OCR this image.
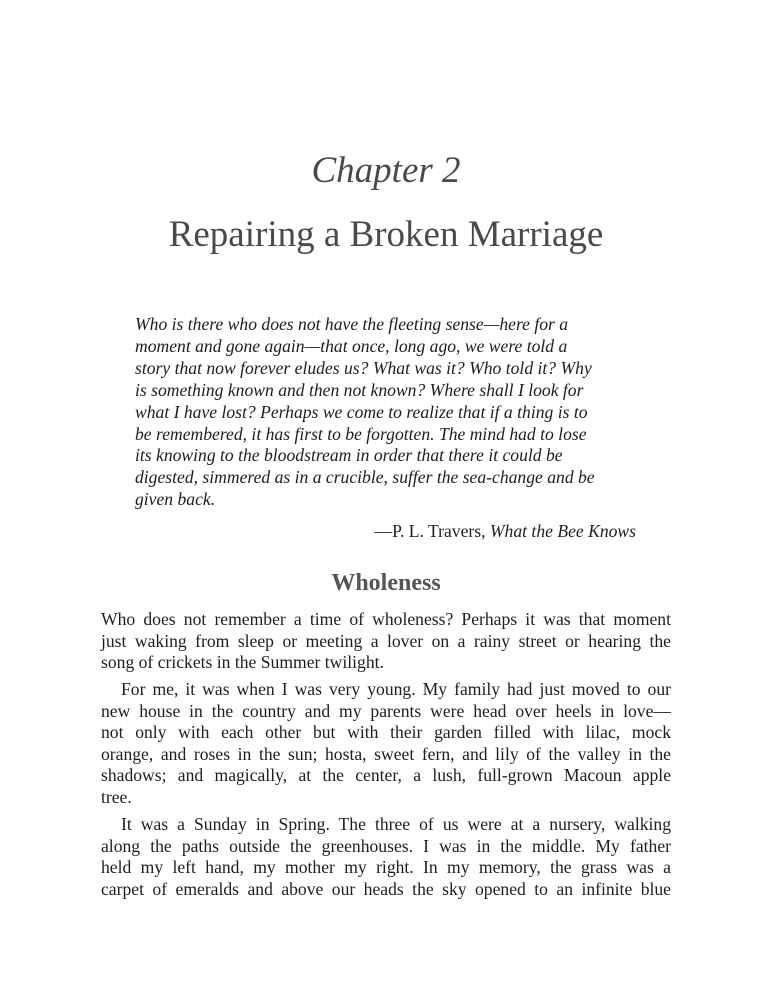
Chapter 2
Repairing a Broken Marriage
Who is there who does not have the fleeting sense—here for a
moment and gone again—that once, long ago, we were told a
story that now forever eludes us? What was it? Who told it? Why
is something known and then not known? Where shall I look for
what I have lost? Perhaps we come to realize that if a thing is to
be remembered, it has first to be forgotten. The mind had to lose
its knowing to the bloodstream in order that there it could be
digested, simmered as in a crucible, suffer the sea-change and be
given back.

—P. L. Travers, What the Bee Knows

Wholeness

Who does not remember a time of wholeness? Perhaps it was that moment
just waking from sleep or meeting a lover on a rainy street or hearing the
song of crickets in the Summer twilight.

For me, it was when I was very young. My family had just moved to our
new house in the country and my parents were head over heels in love—
not only with each other but with their garden filled with lilac, mock
orange, and roses in the sun; hosta, sweet fern, and lily of the valley in the
shadows; and magically, at the center, a lush, full-grown Macoun apple
tree.

It was a Sunday in Spring. The three of us were at a nursery, walking
along the paths outside the greenhouses. I was in the middle. My father
held my left hand, my mother my right. In my memory, the grass was a
carpet of emeralds and above our heads the sky opened to an infinite blue
